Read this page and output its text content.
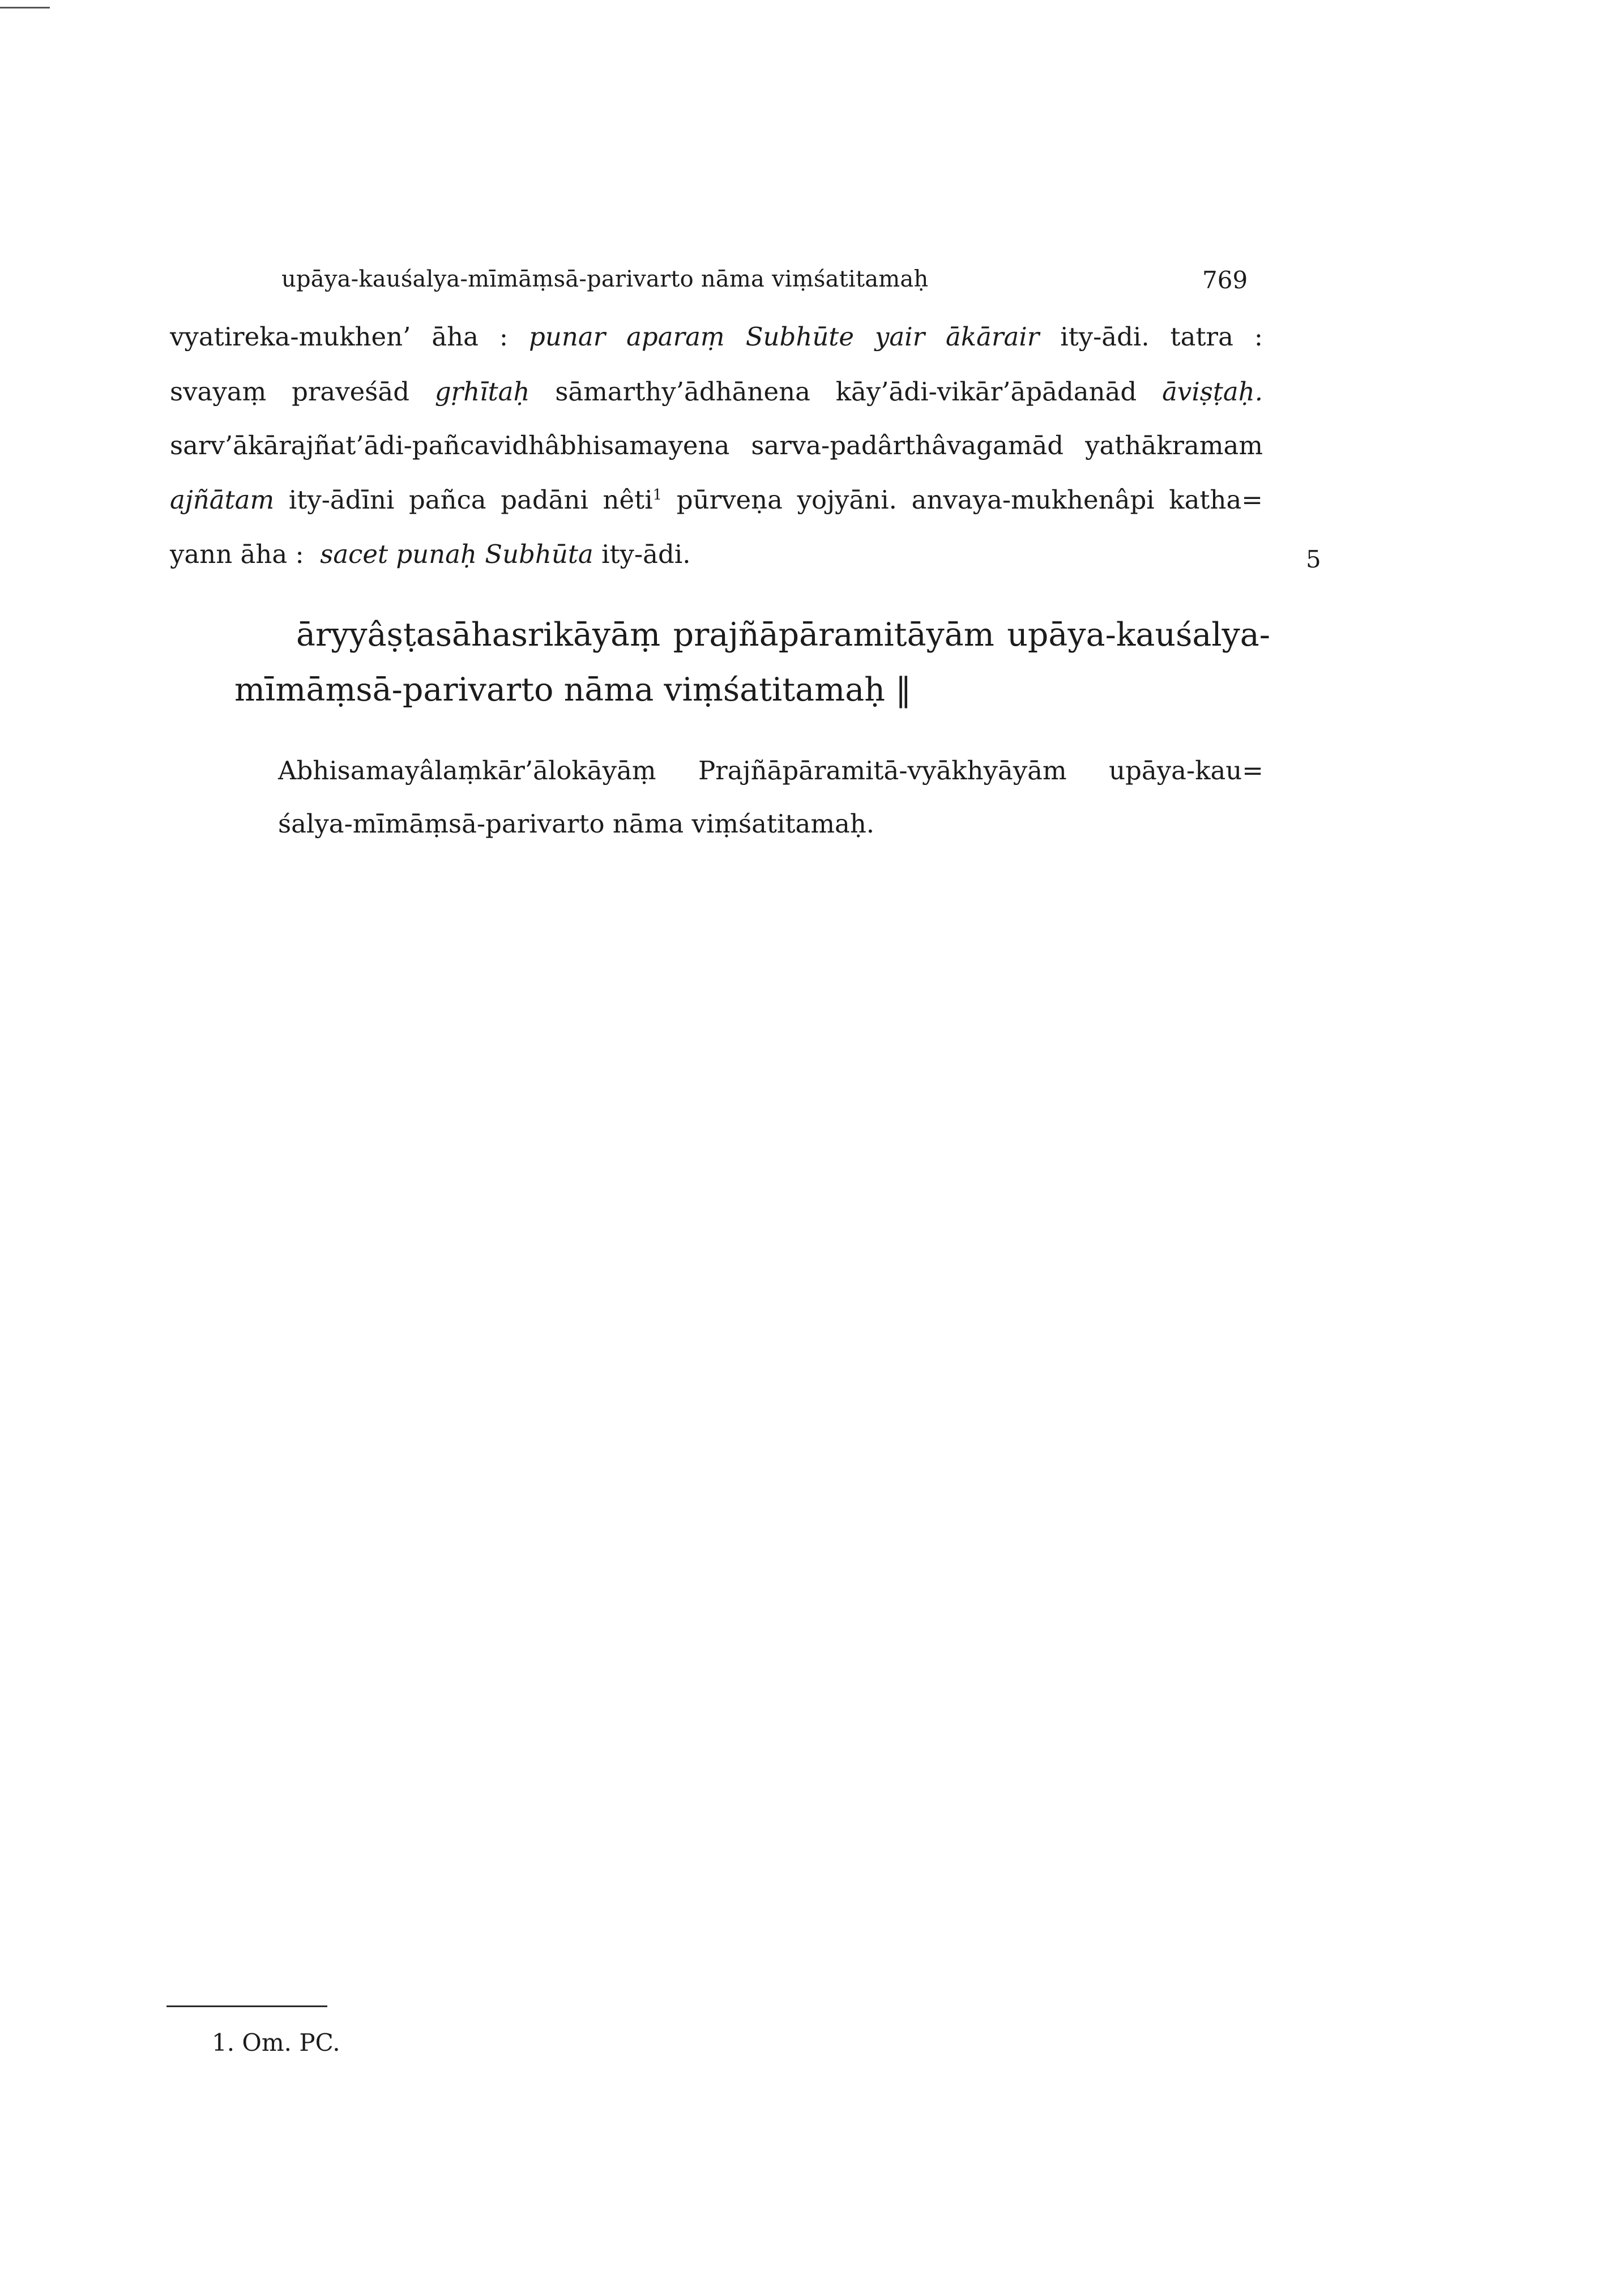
upāya-kauśalya-mīmāṃsā-parivarto nāma viṃśatitamaḥ	769
vyatireka-mukhen’ āha : punar aparaṃ Subhūte yair ākārair ity-ādi. tatra :
svayaṃ praveśād gṛhītaḥ sāmarthy’ādhānena kāy’ādi-vikār’āpādanād āviṣṭaḥ.
sarv’ākārajñat’ādi-pañcavidhâbhisamayena sarva-padârthâvagamād yathākramam
ajñātam ity-ādīni pañca padāni nêti$^1$ pūrveṇa yojyāni. anvaya-mukhenâpi katha=
yann āha : sacet punaḥ Subhūta ity-ādi.	5
āryyâṣṭasāhasrikāyāṃ prajñāpāramitāyām upāya-kauśalya-
mīmāṃsā-parivarto nāma viṃśatitamaḥ ‖
Abhisamayâlaṃkār’ālokāyāṃ Prajñāpāramitā-vyākhyāyām upāya-kau=
śalya-mīmāṃsā-parivarto nāma viṃśatitamaḥ.
1. Om. PC.
